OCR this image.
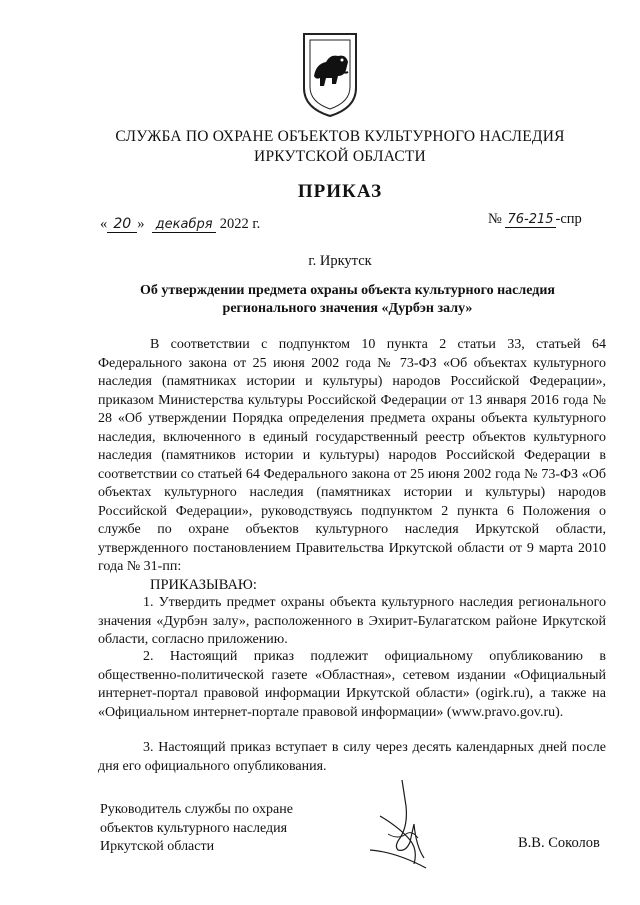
СЛУЖБА ПО ОХРАНЕ ОБЪЕКТОВ КУЛЬТУРНОГО НАСЛЕДИЯ
ИРКУТСКОЙ ОБЛАСТИ
ПРИКАЗ
« 20 » декабря 2022 г.	№ 76-215 -спр
г. Иркутск
Об утверждении предмета охраны объекта культурного наследия
регионального значения «Дурбэн залу»
В соответствии с подпунктом 10 пункта 2 статьи 33, статьей 64 Федерального закона от 25 июня 2002 года № 73-ФЗ «Об объектах культурного наследия (памятниках истории и культуры) народов Российской Федерации», приказом Министерства культуры Российской Федерации от 13 января 2016 года № 28 «Об утверждении Порядка определения предмета охраны объекта культурного наследия, включенного в единый государственный реестр объектов культурного наследия (памятников истории и культуры) народов Российской Федерации в соответствии со статьей 64 Федерального закона от 25 июня 2002 года № 73-ФЗ «Об объектах культурного наследия (памятниках истории и культуры) народов Российской Федерации», руководствуясь подпунктом 2 пункта 6 Положения о службе по охране объектов культурного наследия Иркутской области, утвержденного постановлением Правительства Иркутской области от 9 марта 2010 года № 31-пп:
ПРИКАЗЫВАЮ:
1. Утвердить предмет охраны объекта культурного наследия регионального значения «Дурбэн залу», расположенного в Эхирит-Булагатском районе Иркутской области, согласно приложению.
2. Настоящий приказ подлежит официальному опубликованию в общественно-политической газете «Областная», сетевом издании «Официальный интернет-портал правовой информации Иркутской области» (ogirk.ru), а также на «Официальном интернет-портале правовой информации» (www.pravo.gov.ru).
3. Настоящий приказ вступает в силу через десять календарных дней после дня его официального опубликования.
Руководитель службы по охране
объектов культурного наследия
Иркутской области	В.В. Соколов
